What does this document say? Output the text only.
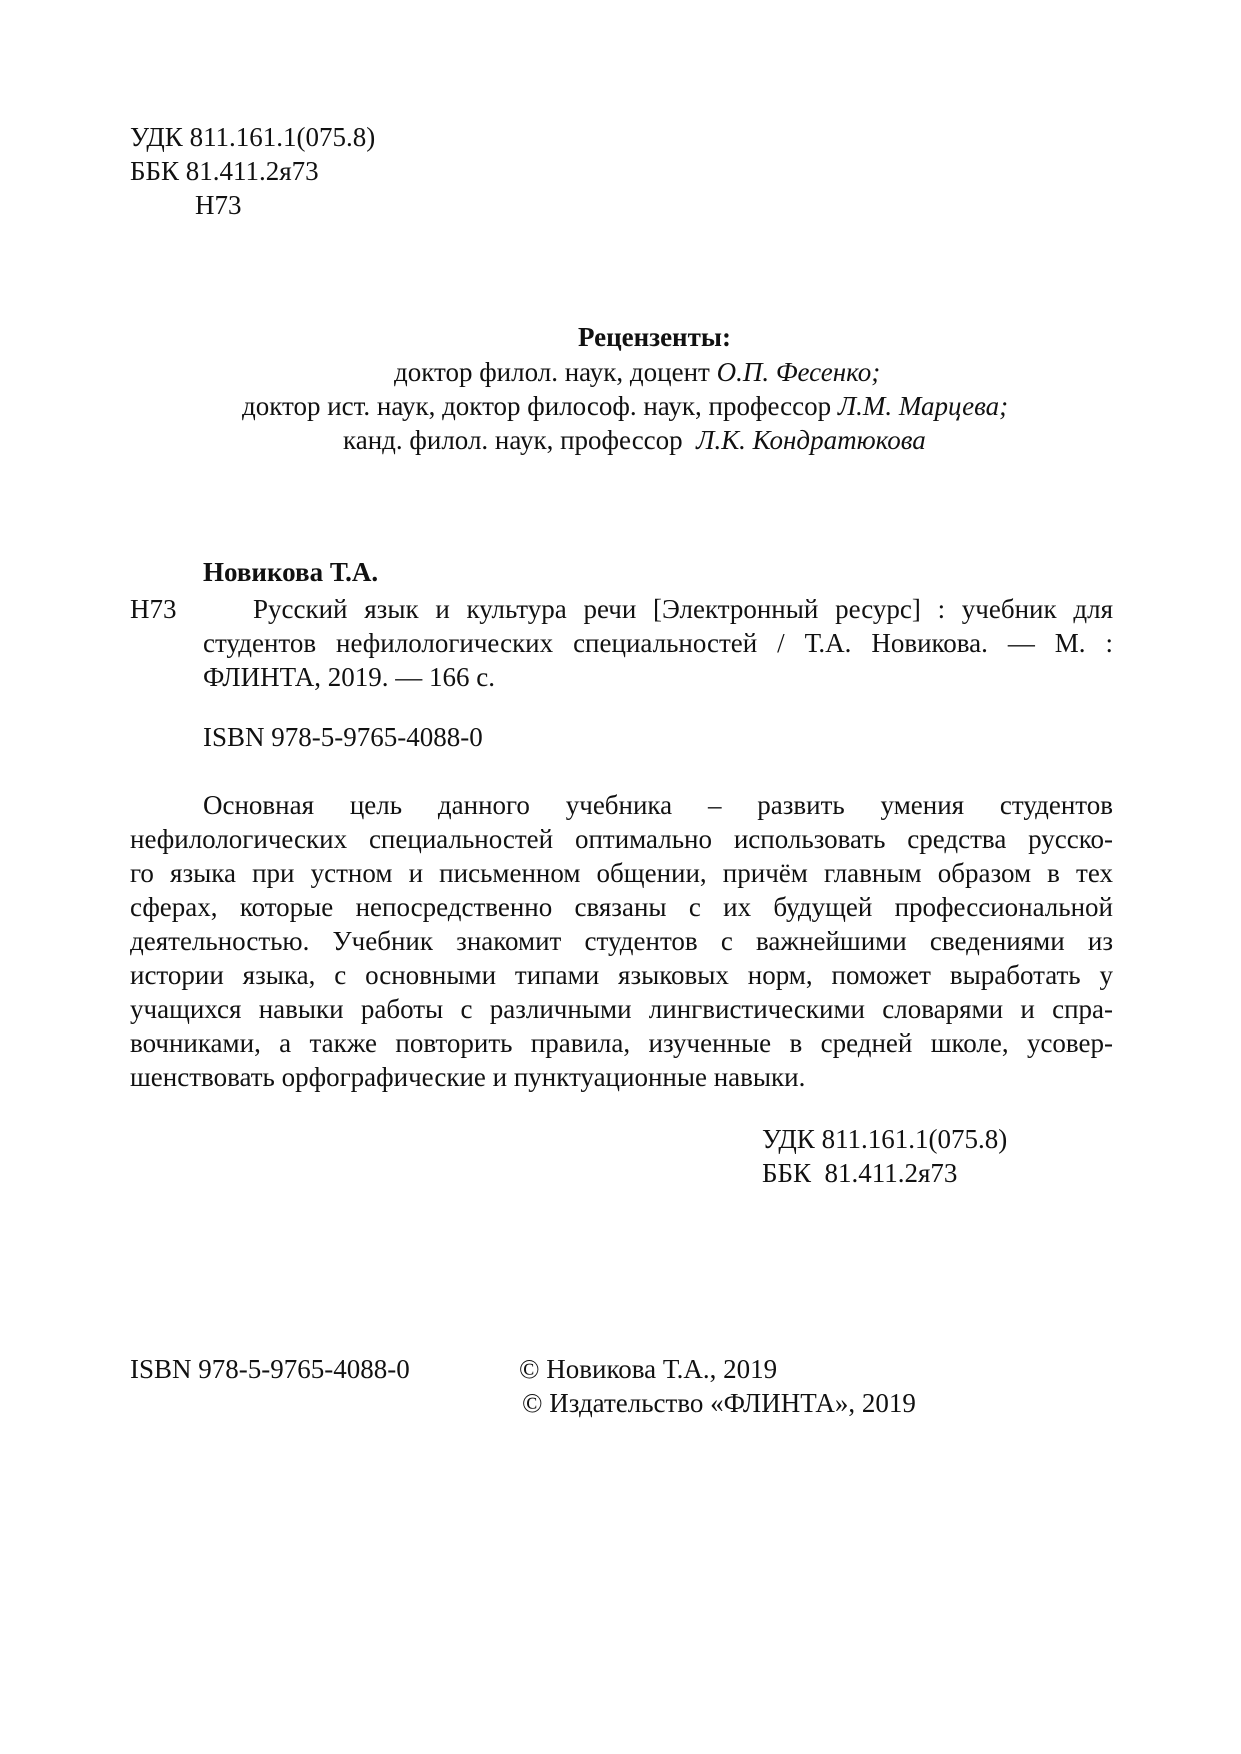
УДК 811.161.1(075.8)
ББК 81.411.2я73
Н73
Рецензенты:
доктор филол. наук, доцент О.П. Фесенко;
доктор ист. наук, доктор философ. наук, профессор Л.М. Марцева;
канд. филол. наук, профессор  Л.К. Кондратюкова
Новикова Т.А.
Н73	Русский язык и культура речи [Электронный ресурс] : учебник для
студентов нефилологических специальностей / Т.А. Новикова. — М. :
ФЛИНТА, 2019. — 166 с.
ISBN 978-5-9765-4088-0
Основная цель данного учебника – развить умения студентов
нефилологических специальностей оптимально использовать средства русско-
го языка при устном и письменном общении, причём главным образом в тех
сферах, которые непосредственно связаны с их будущей профессиональной
деятельностью. Учебник знакомит студентов с важнейшими сведениями из
истории языка, с основными типами языковых норм, поможет выработать у
учащихся навыки работы с различными лингвистическими словарями и спра-
вочниками, а также повторить правила, изученные в средней школе, усовер-
шенствовать орфографические и пунктуационные навыки.
УДК 811.161.1(075.8)
ББК  81.411.2я73
ISBN 978-5-9765-4088-0	© Новикова Т.А., 2019
© Издательство «ФЛИНТА», 2019
